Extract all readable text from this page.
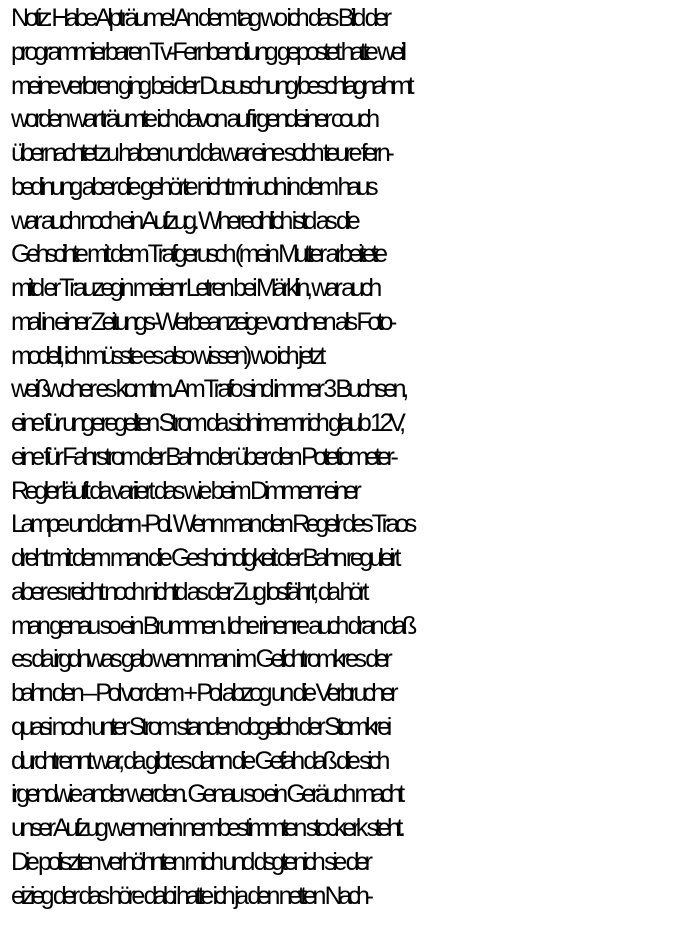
Notiz: Habe Alpträume! An dem tag wo ich das Bild der
programmierbaren Tv-Fernbendiung gepostet hatte weil
meine verloren ging bei der Dususchung/beschlagnahmt
worden war träumte ich davon auf irgendeiner couch
übernachtet zu haben und da war eine solch teure fern-
bedinung aber die gehörte nicht mir udn in dem haus
war auch noch ein Aufzug. Wherecihlich istd as die
Gehscihte mit dem Trafgerusch (mein Mutter arbeitete
mitd er Trauzegin meienr Letren bei Märklin, war auch
mal in einer Zeitungs-Werbeanzeige vondnen als Foto-
modell, ich müsste es also wissen) wo ich jetzt
weißwoher es komtm. Am Trafo sind immer 3 Buchsen,
eine für ungeregelten Strom da sidnimemr ich glaub 12V,
eine für Fahrstrom der Bahn der über den Potetiometer-
Regler läuft da variiert das wie beim Dimmenr einer
Lampe und dann -Pol. Wenn man den Regelr des Traos
dreht mit dem man die Geshcindigkeit der Bahn reguleirt
aber es reicht noch nichtd as der Zug losfährt, da hört
man genau so ein Brummen. Iche rinenre auch dran daß
es da irgdnwas gab wenn man im Gelichtromkres der
bahn den – Pol vor dem + Pol abzog un die Verbrucher
quasi noch unter Strom standen obgelich der Stomkrei
durchtrennt war, da gibt es dann die Gefah daß die sich
irgendwie ander werden. Genau so ein Geräuch macht
unser Aufzug wenn er in nembestimmten stockerk steht.
Die poliszten verhöhnten mich und dsgtenich sie der
eizieg der das höre dabi hatte ich ja den netten Nach-
